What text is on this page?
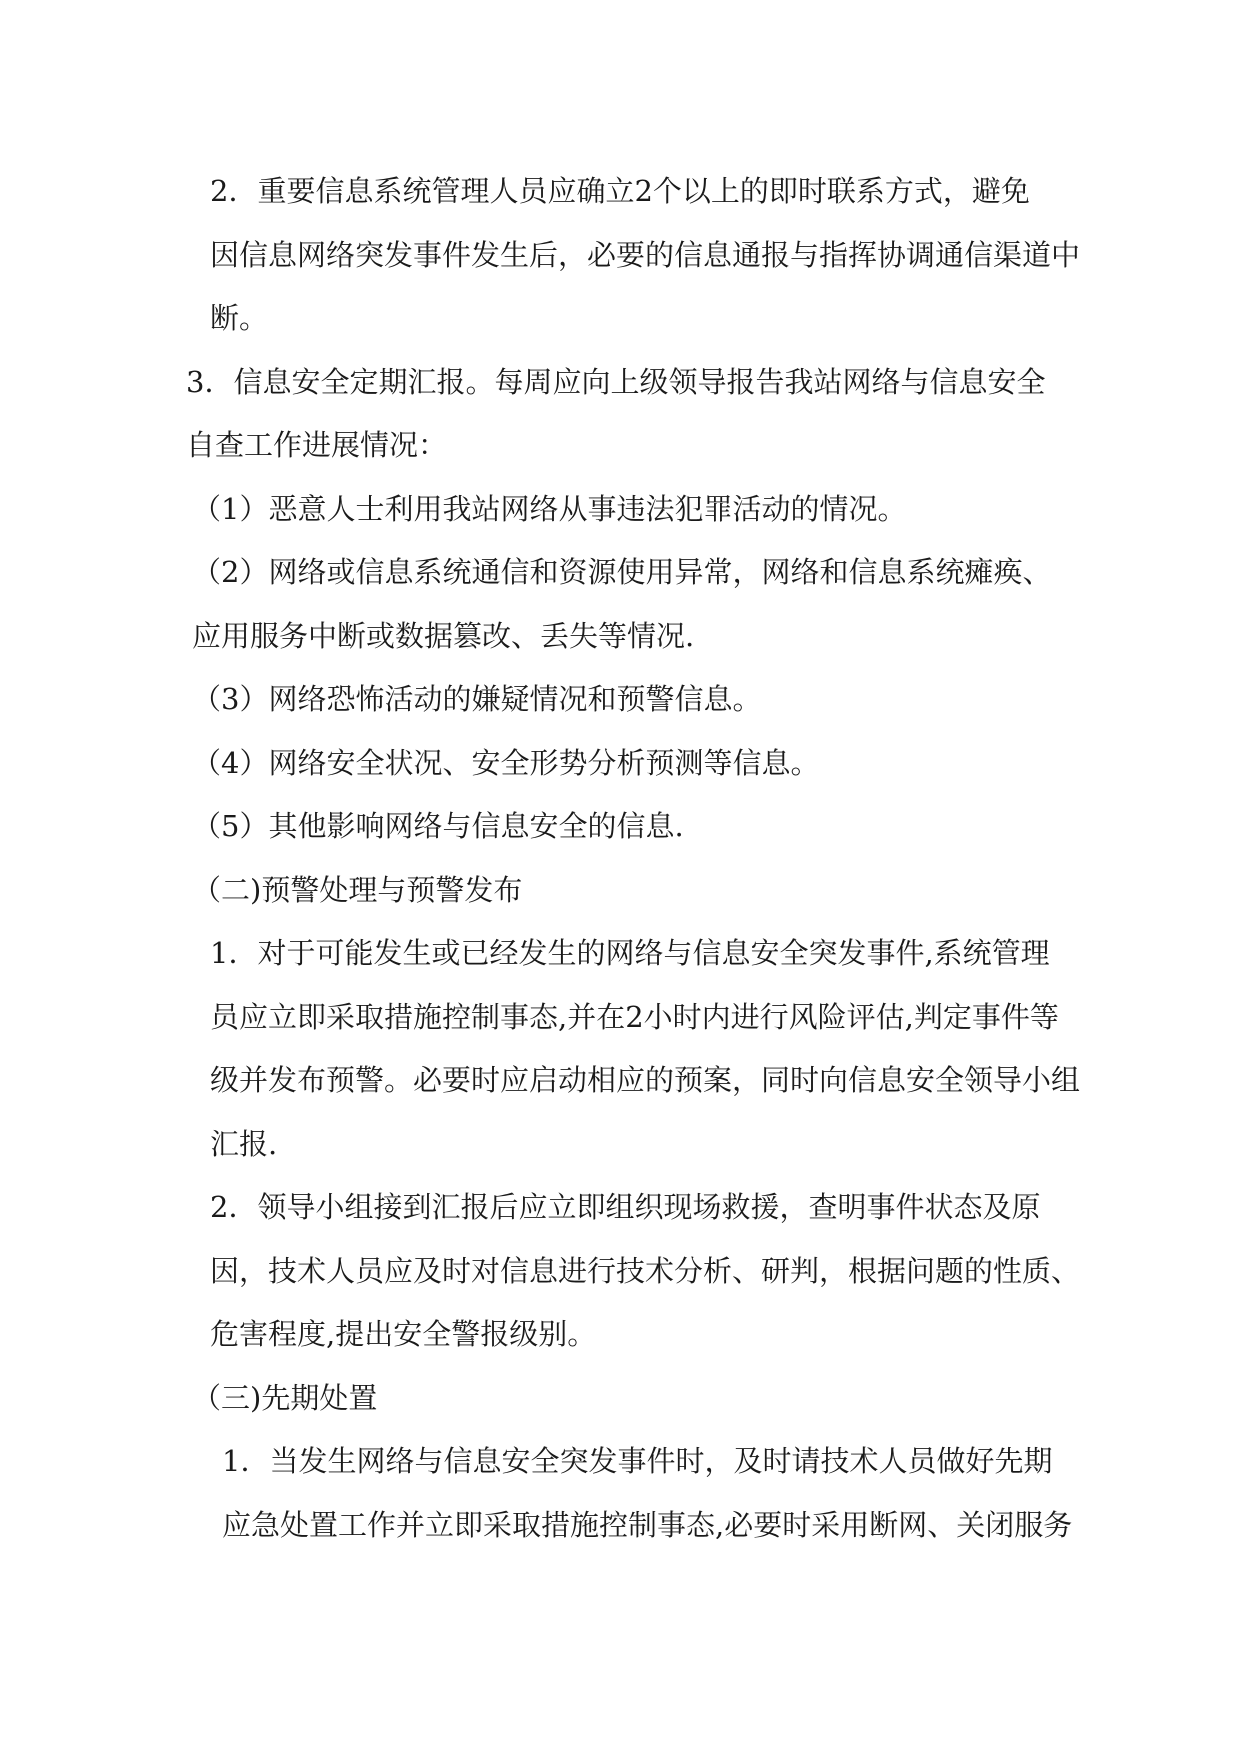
2．重要信息系统管理人员应确立2个以上的即时联系方式，避免
因信息网络突发事件发生后，必要的信息通报与指挥协调通信渠道中
断。

3．信息安全定期汇报。每周应向上级领导报告我站网络与信息安全
自查工作进展情况：

（1）恶意人士利用我站网络从事违法犯罪活动的情况。

（2）网络或信息系统通信和资源使用异常，网络和信息系统瘫痪、
应用服务中断或数据篡改、丢失等情况.

（3）网络恐怖活动的嫌疑情况和预警信息。

（4）网络安全状况、安全形势分析预测等信息。

（5）其他影响网络与信息安全的信息.

（二)预警处理与预警发布

1．对于可能发生或已经发生的网络与信息安全突发事件,系统管理
员应立即采取措施控制事态,并在2小时内进行风险评估,判定事件等
级并发布预警。必要时应启动相应的预案，同时向信息安全领导小组
汇报.

2．领导小组接到汇报后应立即组织现场救援，查明事件状态及原
因，技术人员应及时对信息进行技术分析、研判，根据问题的性质、
危害程度,提出安全警报级别。

（三)先期处置

1．当发生网络与信息安全突发事件时，及时请技术人员做好先期
应急处置工作并立即采取措施控制事态,必要时采用断网、关闭服务
